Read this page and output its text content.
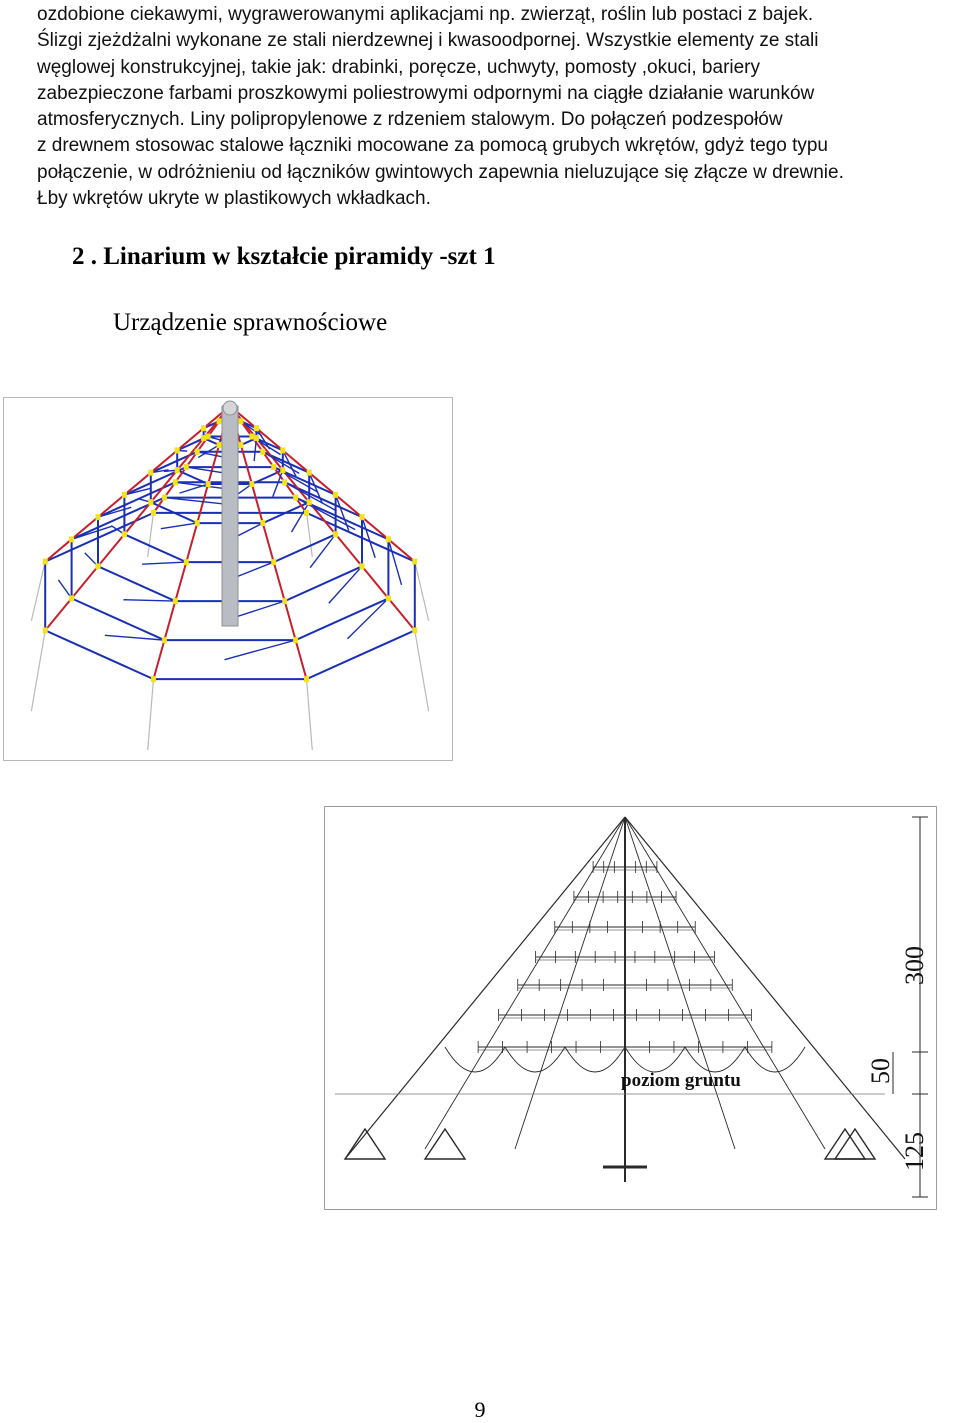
ozdobione ciekawymi, wygrawerowanymi aplikacjami np. zwierząt, roślin lub postaci z bajek.
Ślizgi zjeżdżalni wykonane ze stali nierdzewnej i kwasoodpornej. Wszystkie elementy ze stali
węglowej konstrukcyjnej, takie jak: drabinki, poręcze, uchwyty, pomosty ,okuci, bariery
zabezpieczone farbami proszkowymi poliestrowymi odpornymi na ciągłe działanie warunków
atmosferycznych. Liny polipropylenowe z rdzeniem stalowym. Do połączeń podzespołów
z drewnem stosowac stalowe łączniki mocowane za pomocą grubych wkrętów, gdyż tego typu
połączenie, w odróżnieniu od łączników gwintowych zapewnia nieluzujące się złącze w drewnie.
Łby wkrętów ukryte w plastikowych wkładkach.
2 . Linarium w kształcie piramidy -szt 1
Urządzenie sprawnościowe
poziom gruntu
300
50
125
9
